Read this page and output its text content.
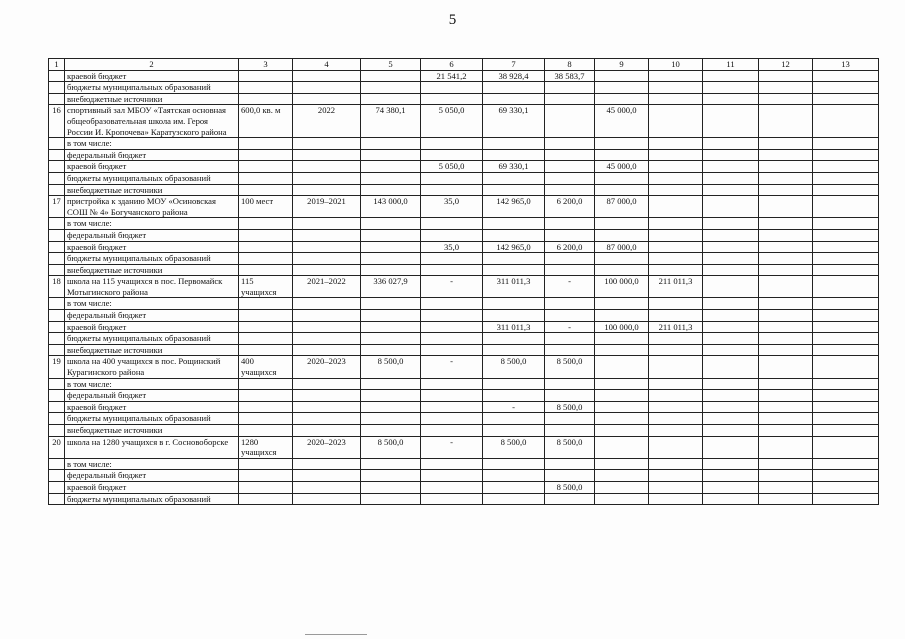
5
1	2	3	4	5	6	7	8	9	10	11	12	13
	краевой бюджет				21 541,2	38 928,4	38 583,7					
	бюджеты муниципальных образований											
	внебюджетные источники											
16	спортивный зал МБОУ «Таятская основная общеобразовательная школа им. Героя России И. Кропочева» Каратузского района	600,0 кв. м	2022	74 380,1	5 050,0	69 330,1		45 000,0				
	в том числе:											
	федеральный бюджет											
	краевой бюджет				5 050,0	69 330,1		45 000,0				
	бюджеты муниципальных образований											
	внебюджетные источники											
17	пристройка к зданию МОУ «Осиновская СОШ № 4» Богучанского района	100 мест	2019–2021	143 000,0	35,0	142 965,0	6 200,0	87 000,0				
	в том числе:											
	федеральный бюджет											
	краевой бюджет				35,0	142 965,0	6 200,0	87 000,0				
	бюджеты муниципальных образований											
	внебюджетные источники											
18	школа на 115 учащихся в пос. Первомайск Мотыгинского района	115 учащихся	2021–2022	336 027,9	-	311 011,3	-	100 000,0	211 011,3			
	в том числе:											
	федеральный бюджет											
	краевой бюджет					311 011,3	-	100 000,0	211 011,3			
	бюджеты муниципальных образований											
	внебюджетные источники											
19	школа на 400 учащихся в пос. Рощинский Курагинского района	400 учащихся	2020–2023	8 500,0	-	8 500,0	8 500,0					
	в том числе:											
	федеральный бюджет											
	краевой бюджет					-	8 500,0					
	бюджеты муниципальных образований											
	внебюджетные источники											
20	школа на 1280 учащихся в г. Сосновоборске	1280 учащихся	2020–2023	8 500,0	-	8 500,0	8 500,0					
	в том числе:											
	федеральный бюджет											
	краевой бюджет						8 500,0					
	бюджеты муниципальных образований											
